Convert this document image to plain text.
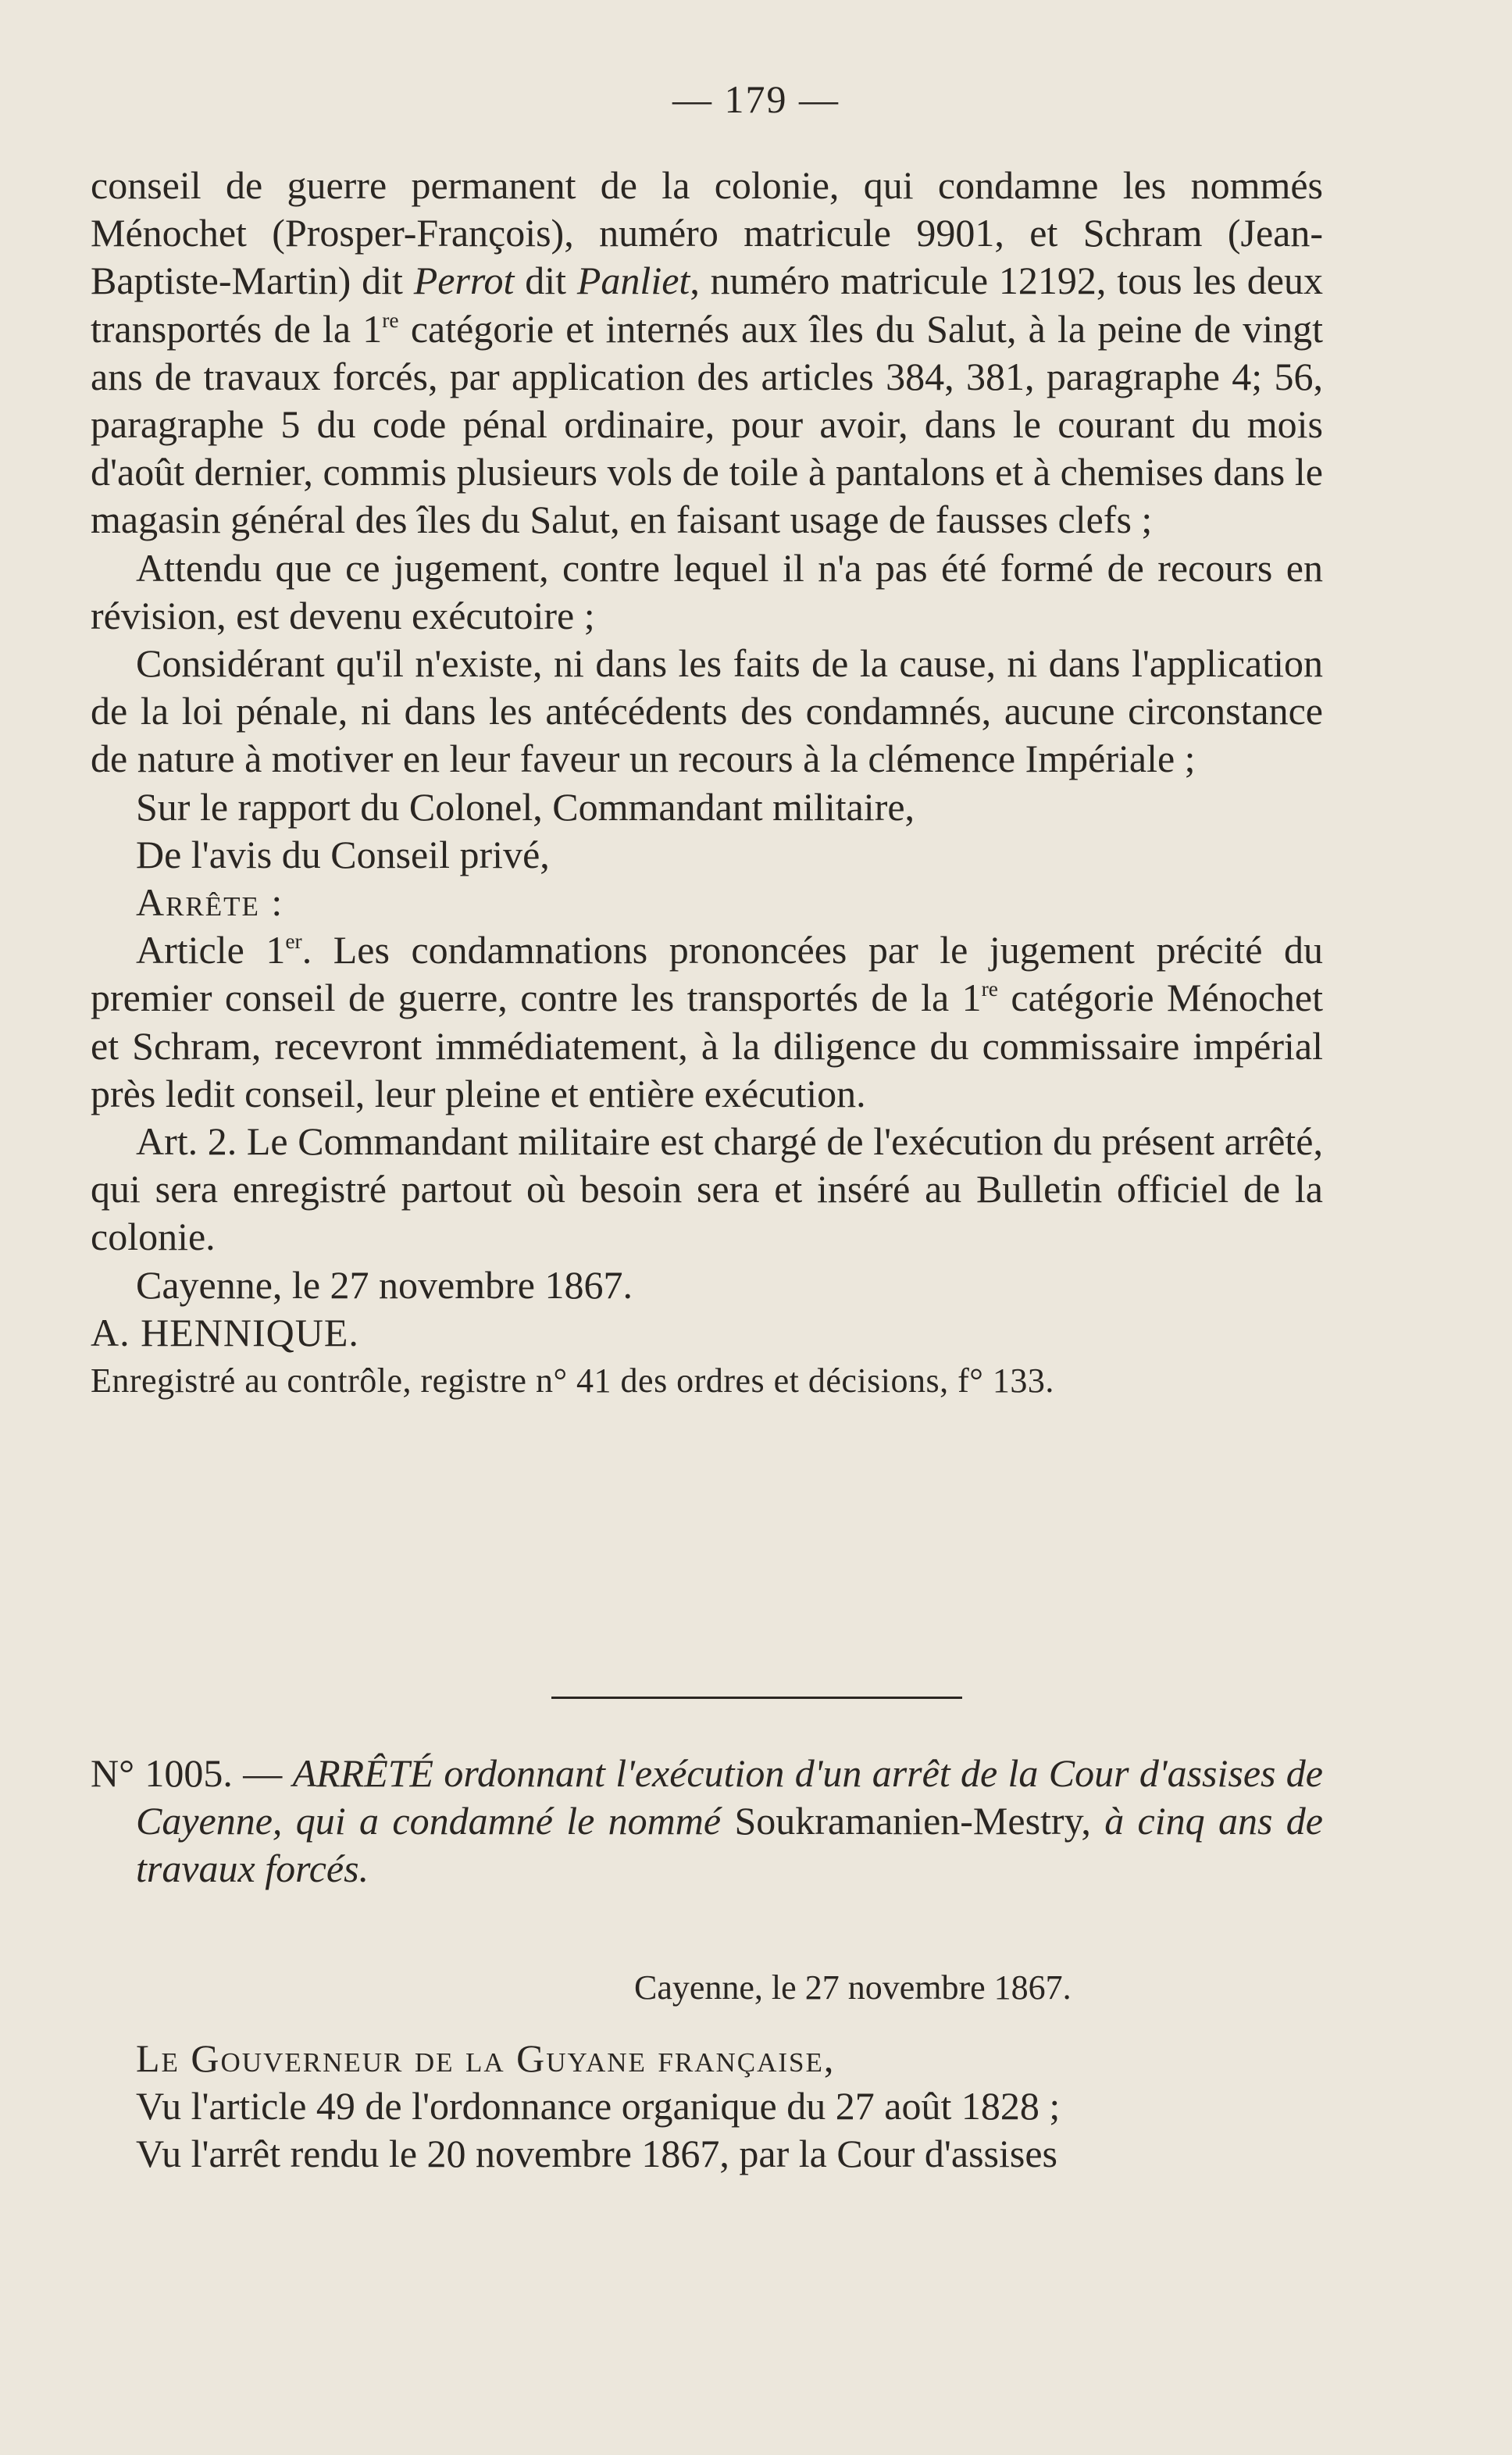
— 179 —

conseil de guerre permanent de la colonie, qui condamne les nommés Ménochet (Prosper-François), numéro matricule 9901, et Schram (Jean-Baptiste-Martin) dit Perrot dit Panliet, numéro matricule 12192, tous les deux transportés de la 1re catégorie et internés aux îles du Salut, à la peine de vingt ans de travaux forcés, par application des articles 384, 381, paragraphe 4; 56, paragraphe 5 du code pénal ordinaire, pour avoir, dans le courant du mois d'août dernier, commis plusieurs vols de toile à pantalons et à chemises dans le magasin général des îles du Salut, en faisant usage de fausses clefs ;

Attendu que ce jugement, contre lequel il n'a pas été formé de recours en révision, est devenu exécutoire ;

Considérant qu'il n'existe, ni dans les faits de la cause, ni dans l'application de la loi pénale, ni dans les antécédents des condamnés, aucune circonstance de nature à motiver en leur faveur un recours à la clémence Impériale ;

Sur le rapport du Colonel, Commandant militaire,

De l'avis du Conseil privé,

Arrête :

Article 1er. Les condamnations prononcées par le jugement précité du premier conseil de guerre, contre les transportés de la 1re catégorie Ménochet et Schram, recevront immédiatement, à la diligence du commissaire impérial près ledit conseil, leur pleine et entière exécution.

Art. 2. Le Commandant militaire est chargé de l'exécution du présent arrêté, qui sera enregistré partout où besoin sera et inséré au Bulletin officiel de la colonie.

Cayenne, le 27 novembre 1867.

A. HENNIQUE.

Enregistré au contrôle, registre n° 41 des ordres et décisions, f° 133.

N° 1005. — ARRÊTÉ ordonnant l'exécution d'un arrêt de la Cour d'assises de Cayenne, qui a condamné le nommé Soukramanien-Mestry, à cinq ans de travaux forcés.

Cayenne, le 27 novembre 1867.

Le Gouverneur de la Guyane française,

Vu l'article 49 de l'ordonnance organique du 27 août 1828 ;

Vu l'arrêt rendu le 20 novembre 1867, par la Cour d'assises
